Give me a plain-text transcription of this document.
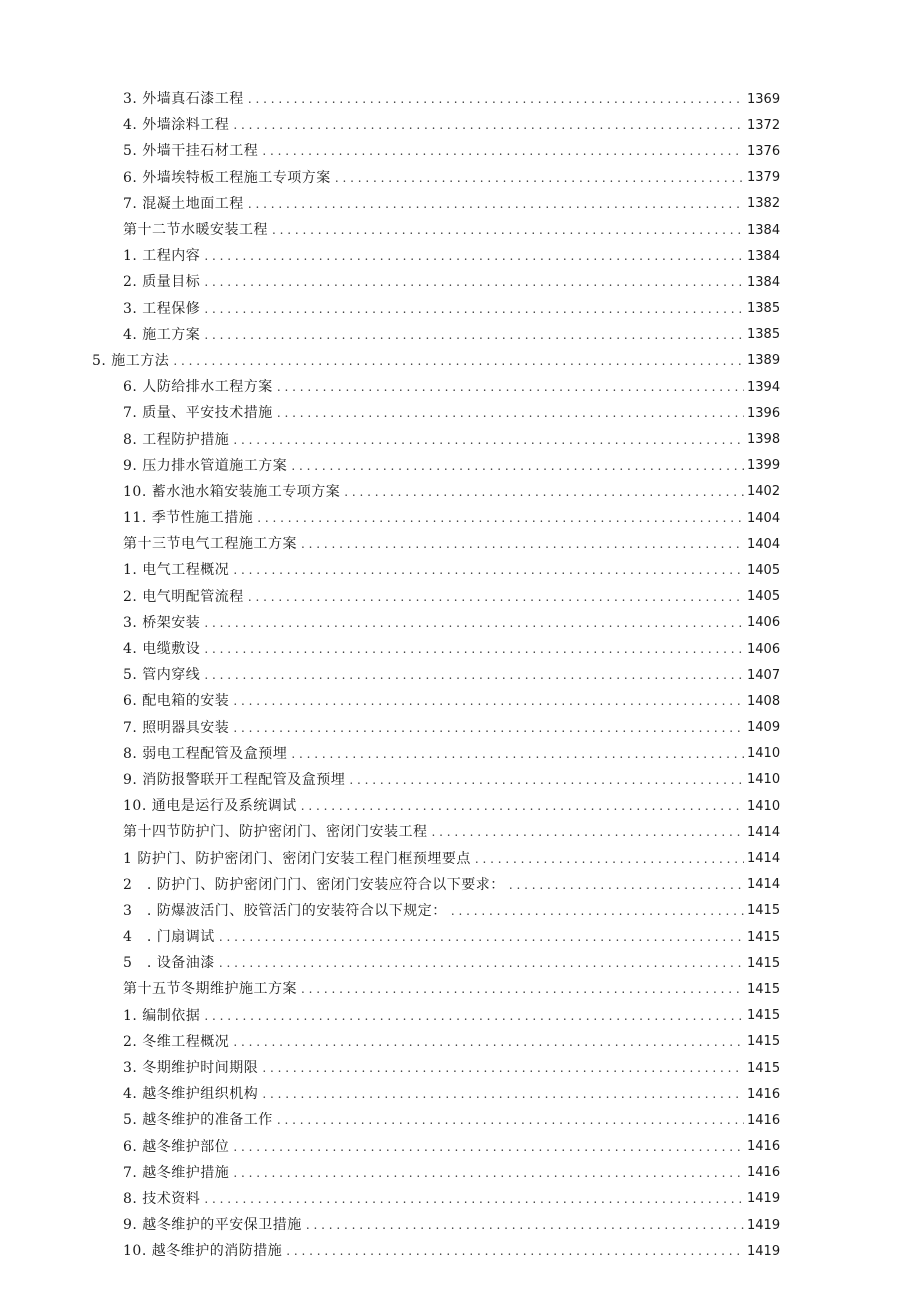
3. 外墙真石漆工程 . . .	1369
4. 外墙涂料工程 . . .	1372
5. 外墙干挂石材工程 . . .	1376
6. 外墙埃特板工程施工专项方案 . . .	1379
7. 混凝土地面工程 . . .	1382
第十二节水暖安装工程 . . .	1384
1. 工程内容 . . .	1384
2. 质量目标 . . .	1384
3. 工程保修 . . .	1385
4. 施工方案 . . .	1385
5. 施工方法 . . .	1389
6. 人防给排水工程方案 . . .	1394
7. 质量、平安技术措施 . . .	1396
8. 工程防护措施 . . .	1398
9. 压力排水管道施工方案 . . .	1399
10. 蓄水池水箱安装施工专项方案 . . .	1402
11. 季节性施工措施 . . .	1404
第十三节电气工程施工方案 . . .	1404
1. 电气工程概况 . . .	1405
2. 电气明配管流程 . . .	1405
3. 桥架安装 . . .	1406
4. 电缆敷设 . . .	1406
5. 管内穿线 . . .	1407
6. 配电箱的安装 . . .	1408
7. 照明器具安装 . . .	1409
8. 弱电工程配管及盒预埋 . . .	1410
9. 消防报警联开工程配管及盒预埋 . . .	1410
10. 通电是运行及系统调试 . . .	1410
第十四节防护门、防护密闭门、密闭门安装工程 . . .	1414
1 防护门、防护密闭门、密闭门安装工程门框预埋要点 . . .	1414
2　. 防护门、防护密闭门门、密闭门安装应符合以下要求： . . .	1414
3　. 防爆波活门、胶管活门的安装符合以下规定： . . .	1415
4　. 门扇调试 . . .	1415
5　. 设备油漆 . . .	1415
第十五节冬期维护施工方案 . . .	1415
1. 编制依据 . . .	1415
2. 冬维工程概况 . . .	1415
3. 冬期维护时间期限 . . .	1415
4. 越冬维护组织机构 . . .	1416
5. 越冬维护的准备工作 . . .	1416
6. 越冬维护部位 . . .	1416
7. 越冬维护措施 . . .	1416
8. 技术资料 . . .	1419
9. 越冬维护的平安保卫措施 . . .	1419
10. 越冬维护的消防措施 . . .	1419
